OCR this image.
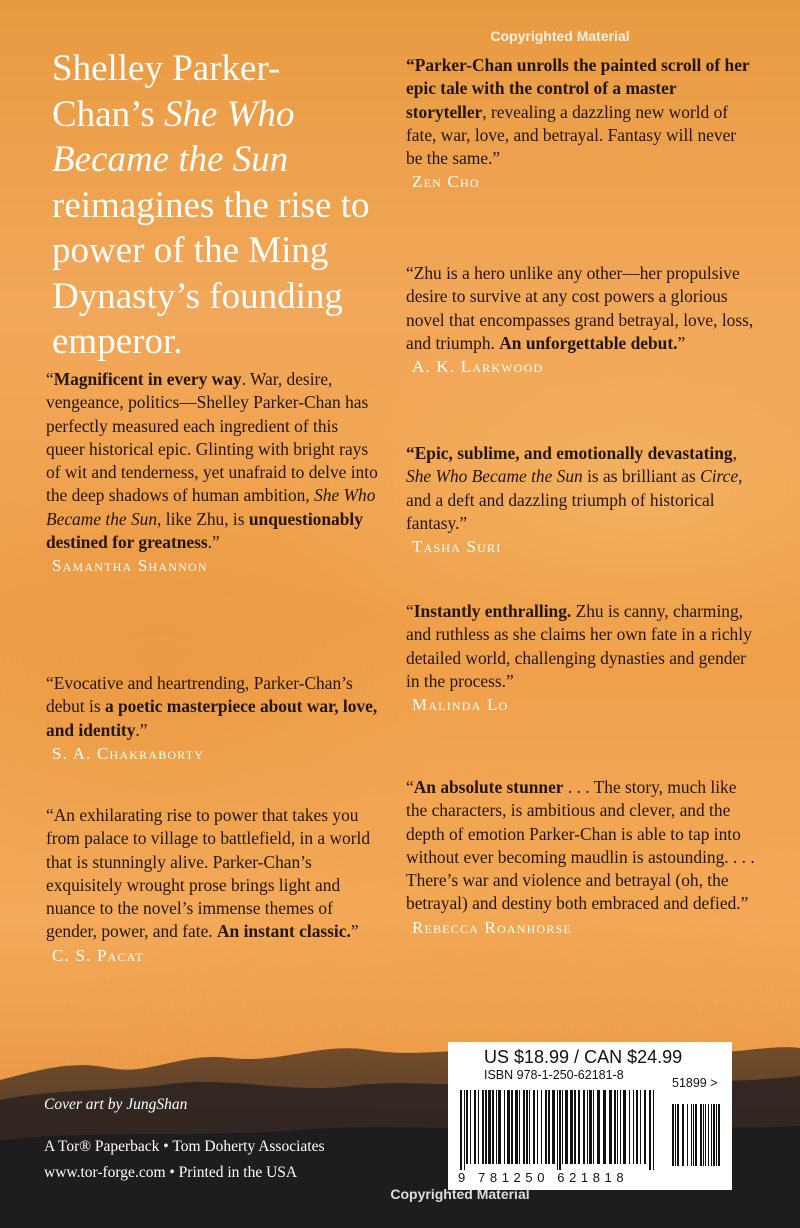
Copyrighted Material
Shelley Parker-Chan’s She Who Became the Sun reimagines the rise to power of the Ming Dynasty’s founding emperor.

“Magnificent in every way. War, desire, vengeance, politics—Shelley Parker-Chan has perfectly measured each ingredient of this queer historical epic. Glinting with bright rays of wit and tenderness, yet unafraid to delve into the deep shadows of human ambition, She Who Became the Sun, like Zhu, is unquestionably destined for greatness.”
Samantha Shannon

“Evocative and heartrending, Parker-Chan’s debut is a poetic masterpiece about war, love, and identity.”
S. A. Chakraborty

“An exhilarating rise to power that takes you from palace to village to battlefield, in a world that is stunningly alive. Parker-Chan’s exquisitely wrought prose brings light and nuance to the novel’s immense themes of gender, power, and fate. An instant classic.”
C. S. Pacat

“Parker-Chan unrolls the painted scroll of her epic tale with the control of a master storyteller, revealing a dazzling new world of fate, war, love, and betrayal. Fantasy will never be the same.”
Zen Cho

“Zhu is a hero unlike any other—her propulsive desire to survive at any cost powers a glorious novel that encompasses grand betrayal, love, loss, and triumph. An unforgettable debut.”
A. K. Larkwood

“Epic, sublime, and emotionally devastating, She Who Became the Sun is as brilliant as Circe, and a deft and dazzling triumph of historical fantasy.”
Tasha Suri

“Instantly enthralling. Zhu is canny, charming, and ruthless as she claims her own fate in a richly detailed world, challenging dynasties and gender in the process.”
Malinda Lo

“An absolute stunner . . . The story, much like the characters, is ambitious and clever, and the depth of emotion Parker-Chan is able to tap into without ever becoming maudlin is astounding. . . . There’s war and violence and betrayal (oh, the betrayal) and destiny both embraced and defied.”
Rebecca Roanhorse

Cover art by JungShan

A Tor® Paperback • Tom Doherty Associates

www.tor-forge.com • Printed in the USA

US $18.99 / CAN $24.99

ISBN 978-1-250-62181-8

51899 >
9 781250 621818
Copyrighted Material
